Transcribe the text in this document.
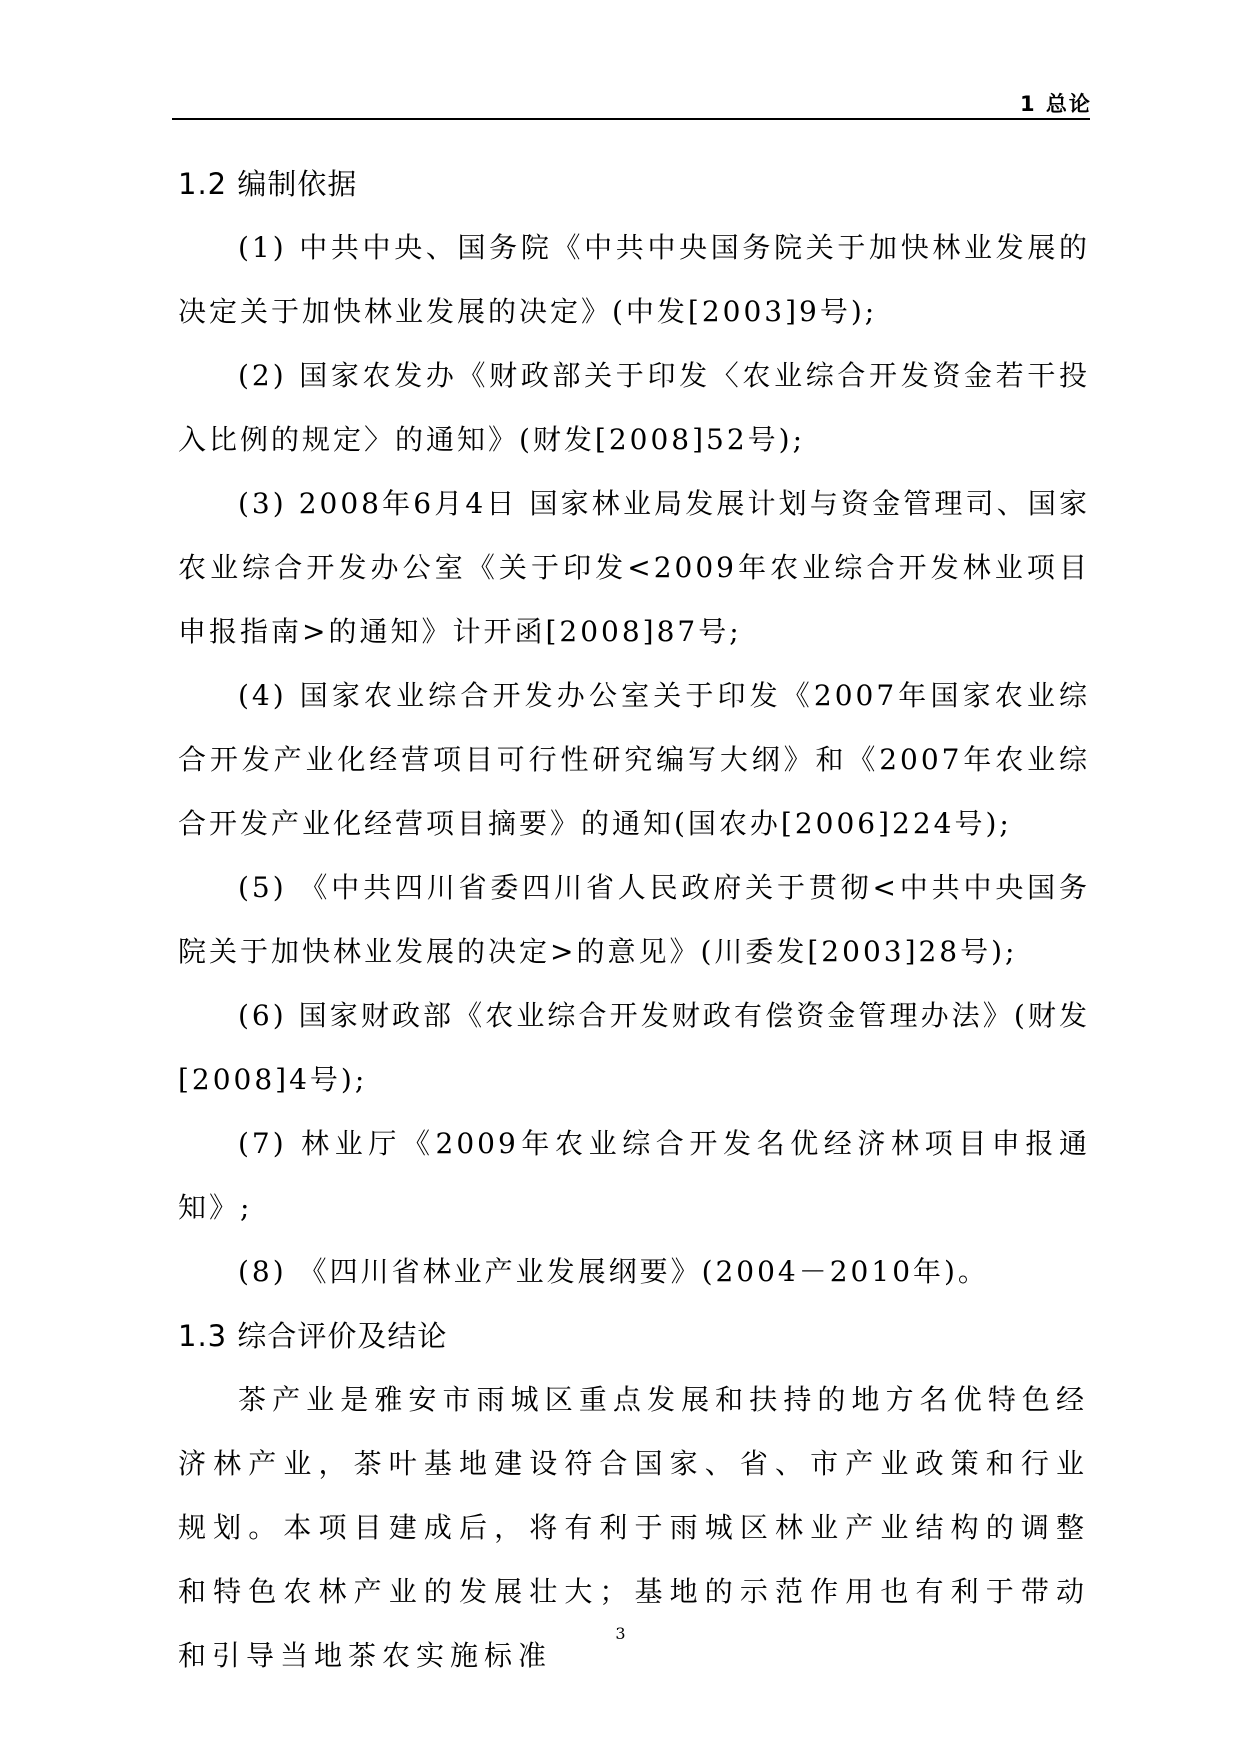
1 总论
1.2 编制依据

(1) 中共中央、国务院《中共中央国务院关于加快林业发展的决定关于加快林业发展的决定》(中发[2003]9号);

(2) 国家农发办《财政部关于印发〈农业综合开发资金若干投入比例的规定〉的通知》(财发[2008]52号);

(3) 2008年6月4日 国家林业局发展计划与资金管理司、国家农业综合开发办公室《关于印发<2009年农业综合开发林业项目申报指南>的通知》计开函[2008]87号;

(4) 国家农业综合开发办公室关于印发《2007年国家农业综合开发产业化经营项目可行性研究编写大纲》和《2007年农业综合开发产业化经营项目摘要》的通知(国农办[2006]224号);

(5) 《中共四川省委四川省人民政府关于贯彻<中共中央国务院关于加快林业发展的决定>的意见》(川委发[2003]28号);

(6) 国家财政部《农业综合开发财政有偿资金管理办法》(财发[2008]4号);

(7) 林业厅《2009年农业综合开发名优经济林项目申报通知》;

(8) 《四川省林业产业发展纲要》(2004－2010年)。

1.3 综合评价及结论

茶产业是雅安市雨城区重点发展和扶持的地方名优特色经济林产业，茶叶基地建设符合国家、省、市产业政策和行业规划。本项目建成后，将有利于雨城区林业产业结构的调整和特色农林产业的发展壮大；基地的示范作用也有利于带动和引导当地茶农实施标准

3
